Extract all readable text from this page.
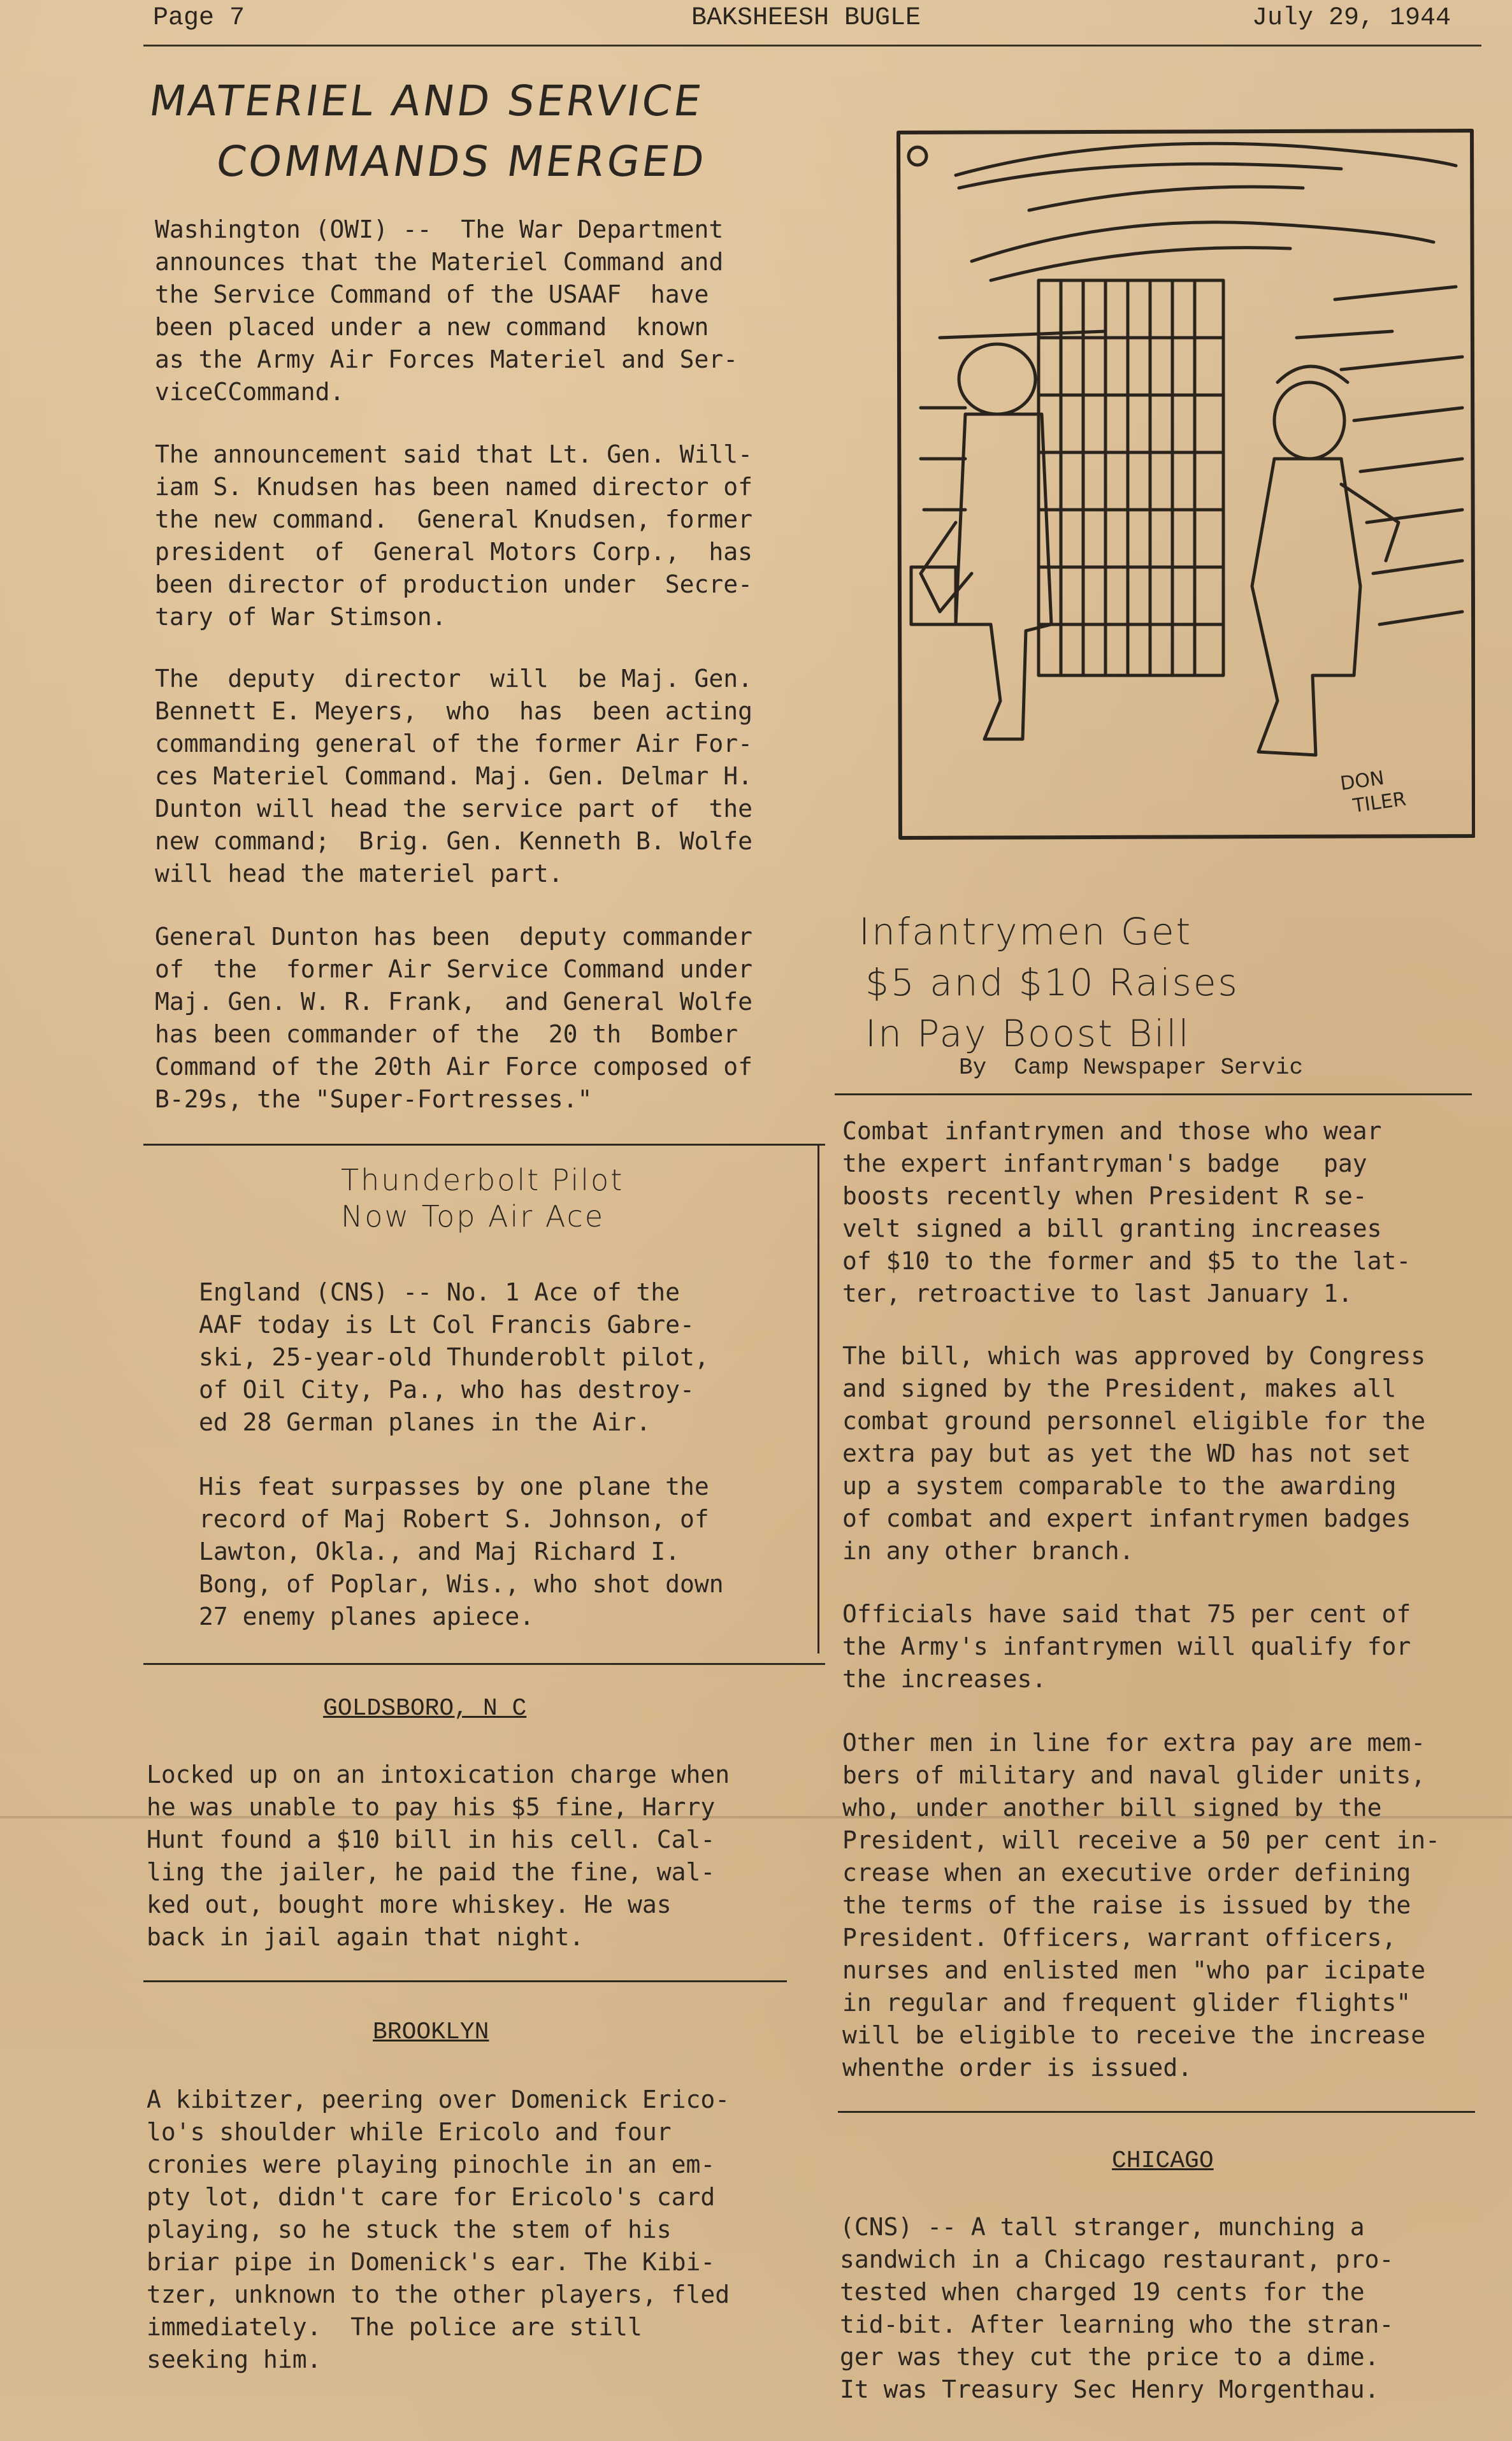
Page 7	BAKSHEESH BUGLE	July 29, 1944
MATERIEL AND SERVICE
COMMANDS MERGED
Washington (OWI) --  The War Department
announces that the Materiel Command and
the Service Command of the USAAF  have
been placed under a new command  known
as the Army Air Forces Materiel and Ser-
viceCCommand.
The announcement said that Lt. Gen. Will-
iam S. Knudsen has been named director of
the new command.  General Knudsen, former
president  of  General Motors Corp.,  has
been director of production under  Secre-
tary of War Stimson.
The  deputy  director  will  be Maj. Gen.
Bennett E. Meyers,  who  has  been acting
commanding general of the former Air For-
ces Materiel Command. Maj. Gen. Delmar H.
Dunton will head the service part of  the
new command;  Brig. Gen. Kenneth B. Wolfe
will head the materiel part.
General Dunton has been  deputy commander
of  the  former Air Service Command under
Maj. Gen. W. R. Frank,  and General Wolfe
has been commander of the  20 th  Bomber
Command of the 20th Air Force composed of
B-29s, the "Super-Fortresses."
Thunderbolt Pilot
Now Top Air Ace
England (CNS) -- No. 1 Ace of the
AAF today is Lt Col Francis Gabre-
ski, 25-year-old Thunderoblt pilot,
of Oil City, Pa., who has destroy-
ed 28 German planes in the Air.
His feat surpasses by one plane the
record of Maj Robert S. Johnson, of
Lawton, Okla., and Maj Richard I.
Bong, of Poplar, Wis., who shot down
27 enemy planes apiece.
GOLDSBORO, N C
Locked up on an intoxication charge when
he was unable to pay his $5 fine, Harry
Hunt found a $10 bill in his cell. Cal-
ling the jailer, he paid the fine, wal-
ked out, bought more whiskey. He was
back in jail again that night.
BROOKLYN
A kibitzer, peering over Domenick Erico-
lo's shoulder while Ericolo and four
cronies were playing pinochle in an em-
pty lot, didn't care for Ericolo's card
playing, so he stuck the stem of his
briar pipe in Domenick's ear. The Kibi-
tzer, unknown to the other players, fled
immediately.  The police are still
seeking him.
DON
TILER
Infantrymen Get
$5 and $10 Raises
In Pay Boost Bill
By  Camp Newspaper Servic
Combat infantrymen and those who wear
the expert infantryman's badge   pay
boosts recently when President R se-
velt signed a bill granting increases
of $10 to the former and $5 to the lat-
ter, retroactive to last January 1.
The bill, which was approved by Congress
and signed by the President, makes all
combat ground personnel eligible for the
extra pay but as yet the WD has not set
up a system comparable to the awarding
of combat and expert infantrymen badges
in any other branch.
Officials have said that 75 per cent of
the Army's infantrymen will qualify for
the increases.
Other men in line for extra pay are mem-
bers of military and naval glider units,
who, under another bill signed by the
President, will receive a 50 per cent in-
crease when an executive order defining
the terms of the raise is issued by the
President. Officers, warrant officers,
nurses and enlisted men "who par icipate
in regular and frequent glider flights"
will be eligible to receive the increase
whenthe order is issued.
CHICAGO
(CNS) -- A tall stranger, munching a
sandwich in a Chicago restaurant, pro-
tested when charged 19 cents for the
tid-bit. After learning who the stran-
ger was they cut the price to a dime.
It was Treasury Sec Henry Morgenthau.
